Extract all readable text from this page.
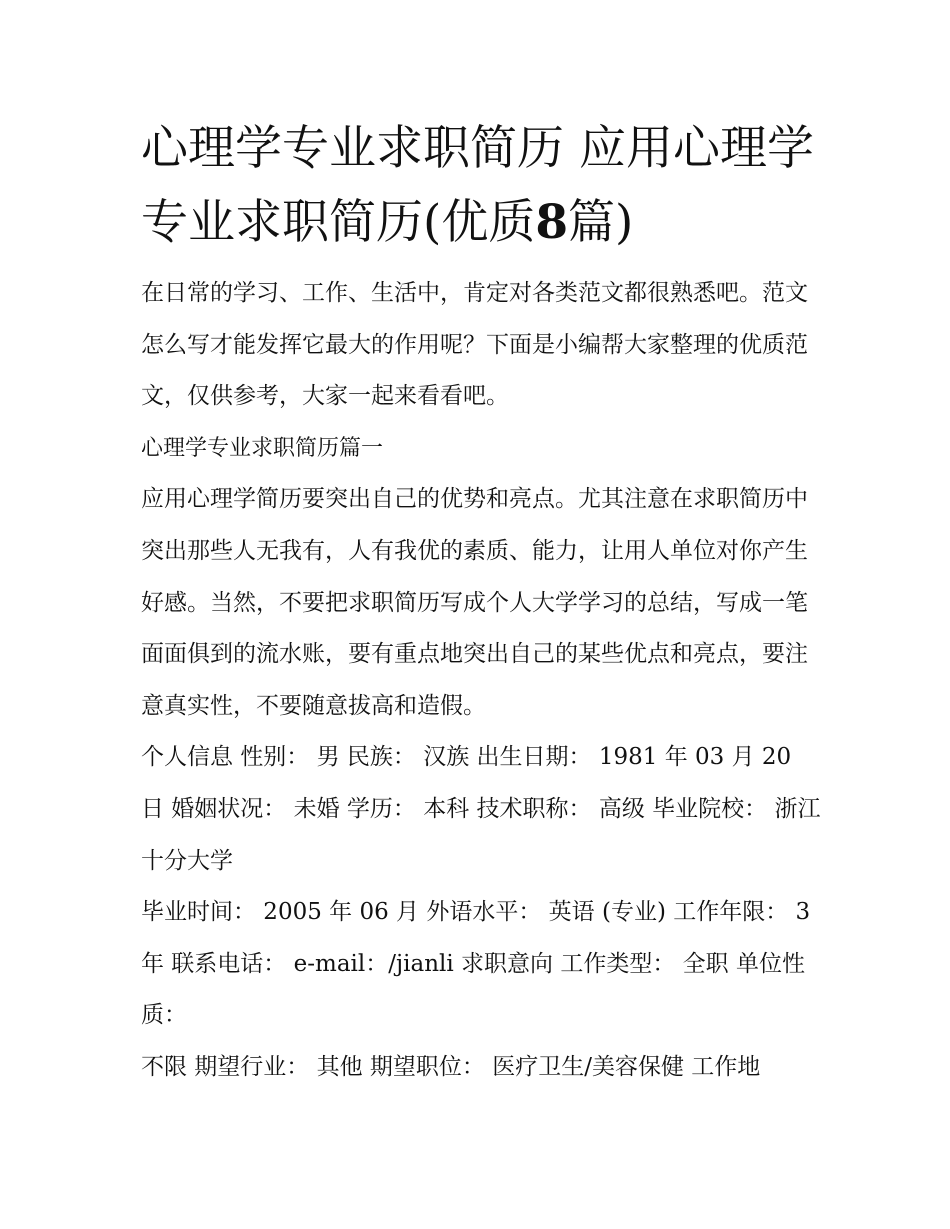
心理学专业求职简历 应用心理学专业求职简历(优质8篇)

在日常的学习、工作、生活中，肯定对各类范文都很熟悉吧。范文怎么写才能发挥它最大的作用呢？下面是小编帮大家整理的优质范文，仅供参考，大家一起来看看吧。

心理学专业求职简历篇一

应用心理学简历要突出自己的优势和亮点。尤其注意在求职简历中突出那些人无我有，人有我优的素质、能力，让用人单位对你产生好感。当然，不要把求职简历写成个人大学学习的总结，写成一笔面面俱到的流水账，要有重点地突出自己的某些优点和亮点，要注意真实性，不要随意拔高和造假。

个人信息 性别： 男 民族： 汉族 出生日期： 1981 年 03 月 20 日 婚姻状况： 未婚 学历： 本科 技术职称： 高级 毕业院校： 浙江十分大学

毕业时间： 2005 年 06 月 外语水平： 英语 (专业) 工作年限： 3 年 联系电话： e-mail：/jianli 求职意向 工作类型： 全职 单位性质：

不限 期望行业： 其他 期望职位： 医疗卫生/美容保健 工作地
